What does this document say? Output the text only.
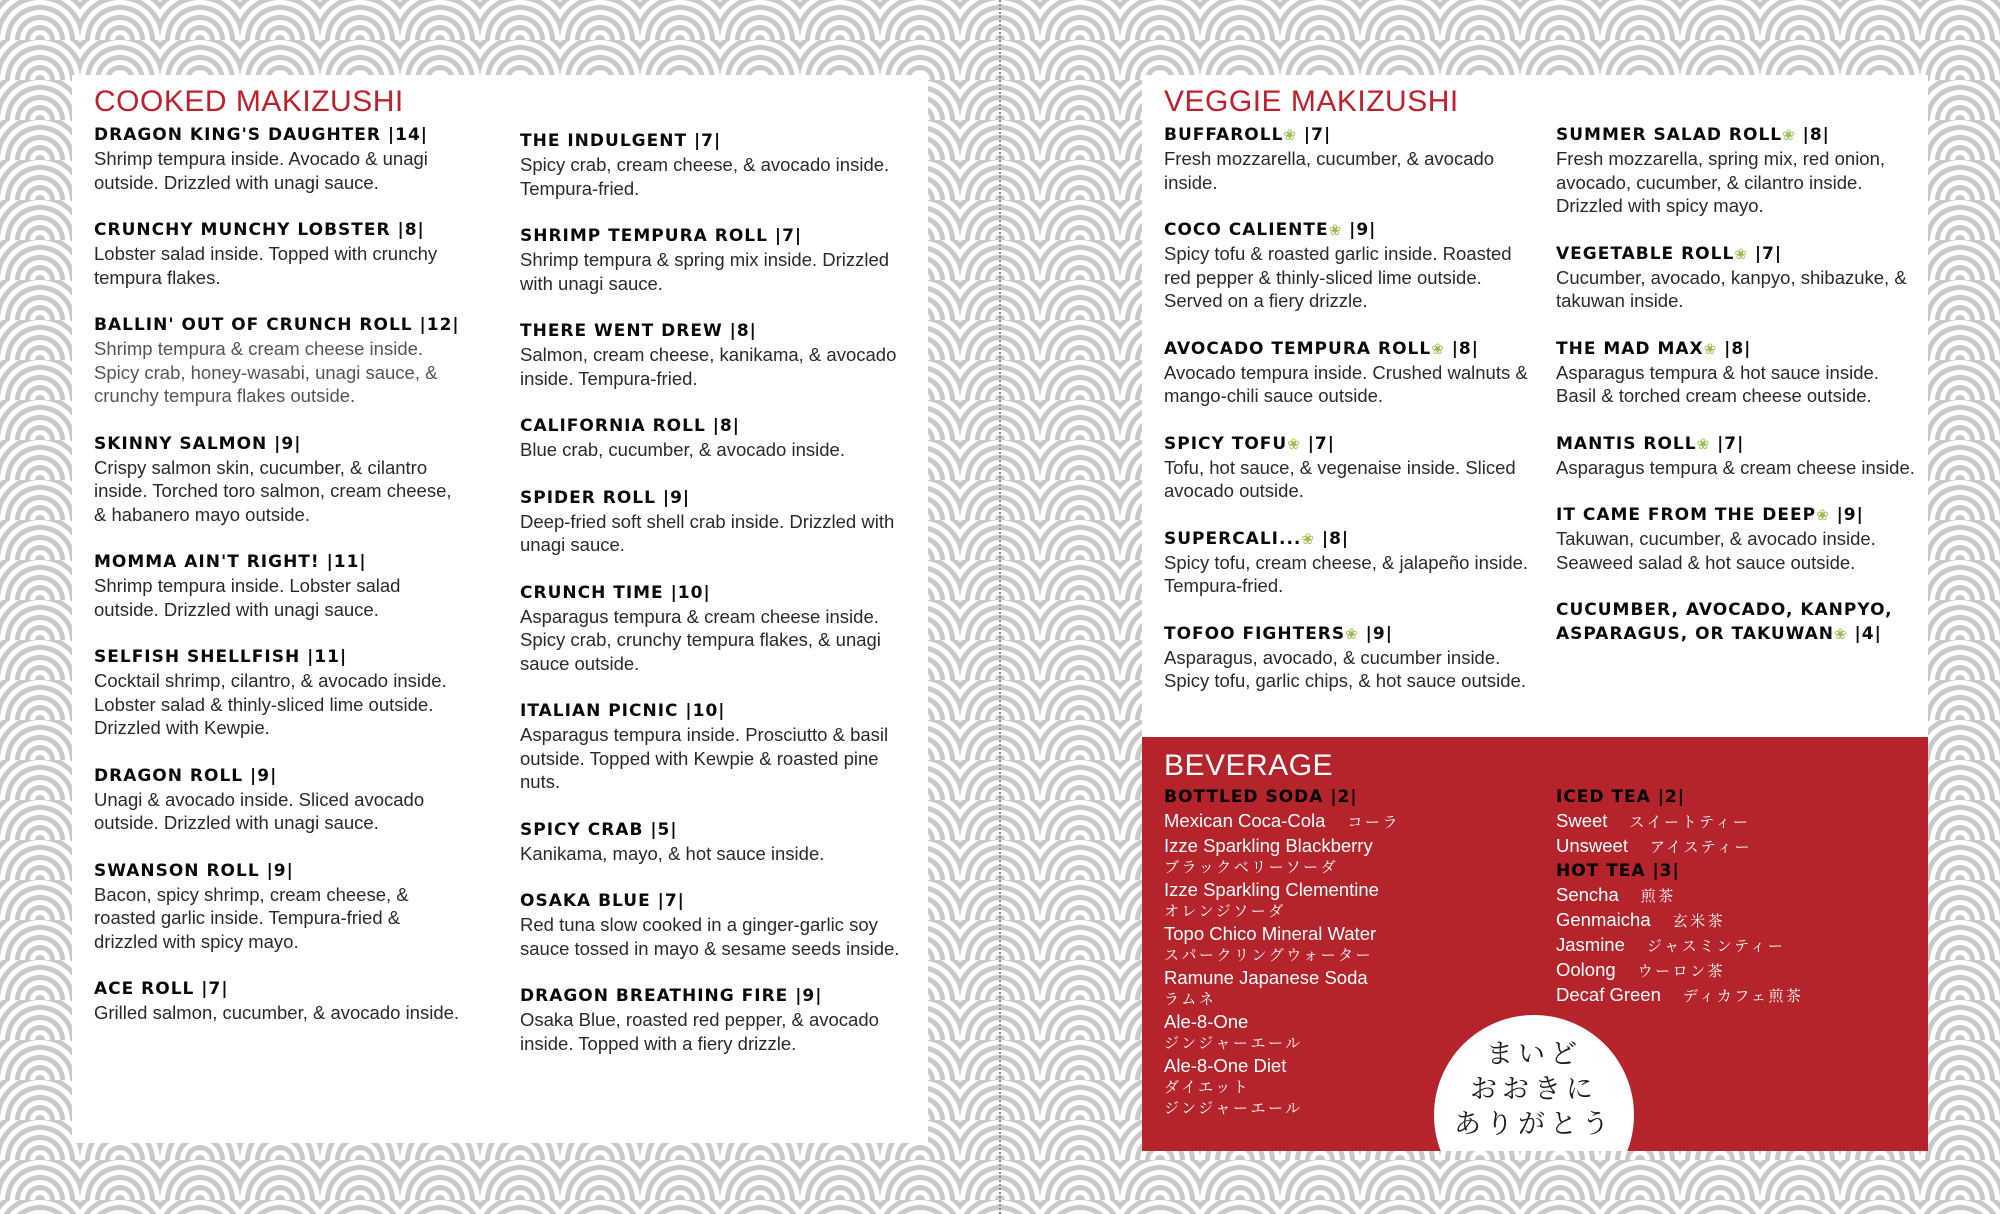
COOKED MAKIZUSHI
DRAGON KING'S DAUGHTER |14|
Shrimp tempura inside. Avocado & unagi outside. Drizzled with unagi sauce.
CRUNCHY MUNCHY LOBSTER |8|
Lobster salad inside. Topped with crunchy tempura flakes.
BALLIN' OUT OF CRUNCH ROLL |12|
Shrimp tempura & cream cheese inside. Spicy crab, honey-wasabi, unagi sauce, & crunchy tempura flakes outside.
SKINNY SALMON |9|
Crispy salmon skin, cucumber, & cilantro inside. Torched toro salmon, cream cheese, & habanero mayo outside.
MOMMA AIN'T RIGHT! |11|
Shrimp tempura inside. Lobster salad outside. Drizzled with unagi sauce.
SELFISH SHELLFISH |11|
Cocktail shrimp, cilantro, & avocado inside. Lobster salad & thinly-sliced lime outside. Drizzled with Kewpie.
DRAGON ROLL |9|
Unagi & avocado inside. Sliced avocado outside. Drizzled with unagi sauce.
SWANSON ROLL |9|
Bacon, spicy shrimp, cream cheese, & roasted garlic inside. Tempura-fried & drizzled with spicy mayo.
ACE ROLL |7|
Grilled salmon, cucumber, & avocado inside.
THE INDULGENT |7|
Spicy crab, cream cheese, & avocado inside. Tempura-fried.
SHRIMP TEMPURA ROLL |7|
Shrimp tempura & spring mix inside. Drizzled with unagi sauce.
THERE WENT DREW |8|
Salmon, cream cheese, kanikama, & avocado inside. Tempura-fried.
CALIFORNIA ROLL |8|
Blue crab, cucumber, & avocado inside.
SPIDER ROLL |9|
Deep-fried soft shell crab inside. Drizzled with unagi sauce.
CRUNCH TIME |10|
Asparagus tempura & cream cheese inside. Spicy crab, crunchy tempura flakes, & unagi sauce outside.
ITALIAN PICNIC |10|
Asparagus tempura inside. Prosciutto & basil outside. Topped with Kewpie & roasted pine nuts.
SPICY CRAB |5|
Kanikama, mayo, & hot sauce inside.
OSAKA BLUE |7|
Red tuna slow cooked in a ginger-garlic soy sauce tossed in mayo & sesame seeds inside.
DRAGON BREATHING FIRE |9|
Osaka Blue, roasted red pepper, & avocado inside. Topped with a fiery drizzle.
VEGGIE MAKIZUSHI
BUFFAROLL❀ |7|
Fresh mozzarella, cucumber, & avocado inside.
COCO CALIENTE❀ |9|
Spicy tofu & roasted garlic inside. Roasted red pepper & thinly-sliced lime outside. Served on a fiery drizzle.
AVOCADO TEMPURA ROLL❀ |8|
Avocado tempura inside. Crushed walnuts & mango-chili sauce outside.
SPICY TOFU❀ |7|
Tofu, hot sauce, & vegenaise inside. Sliced avocado outside.
SUPERCALI...❀ |8|
Spicy tofu, cream cheese, & jalapeño inside. Tempura-fried.
TOFOO FIGHTERS❀ |9|
Asparagus, avocado, & cucumber inside. Spicy tofu, garlic chips, & hot sauce outside.
SUMMER SALAD ROLL❀ |8|
Fresh mozzarella, spring mix, red onion, avocado, cucumber, & cilantro inside. Drizzled with spicy mayo.
VEGETABLE ROLL❀ |7|
Cucumber, avocado, kanpyo, shibazuke, & takuwan inside.
THE MAD MAX❀ |8|
Asparagus tempura & hot sauce inside. Basil & torched cream cheese outside.
MANTIS ROLL❀ |7|
Asparagus tempura & cream cheese inside.
IT CAME FROM THE DEEP❀ |9|
Takuwan, cucumber, & avocado inside. Seaweed salad & hot sauce outside.
CUCUMBER, AVOCADO, KANPYO,
ASPARAGUS, OR TAKUWAN❀ |4|
BEVERAGE
BOTTLED SODA |2|
Mexican Coca-Cola コーラ
Izze Sparkling Blackberry
ブラックベリーソーダ
Izze Sparkling Clementine
オレンジソーダ
Topo Chico Mineral Water
スパークリングウォーター
Ramune Japanese Soda
ラムネ
Ale-8-One
ジンジャーエール
Ale-8-One Diet
ダイエット
ジンジャーエール
ICED TEA |2|
Sweet スイートティー
Unsweet アイスティー
HOT TEA |3|
Sencha 煎茶
Genmaicha 玄米茶
Jasmine ジャスミンティー
Oolong ウーロン茶
Decaf Green ディカフェ煎茶
まいど
おおきに
ありがとう
